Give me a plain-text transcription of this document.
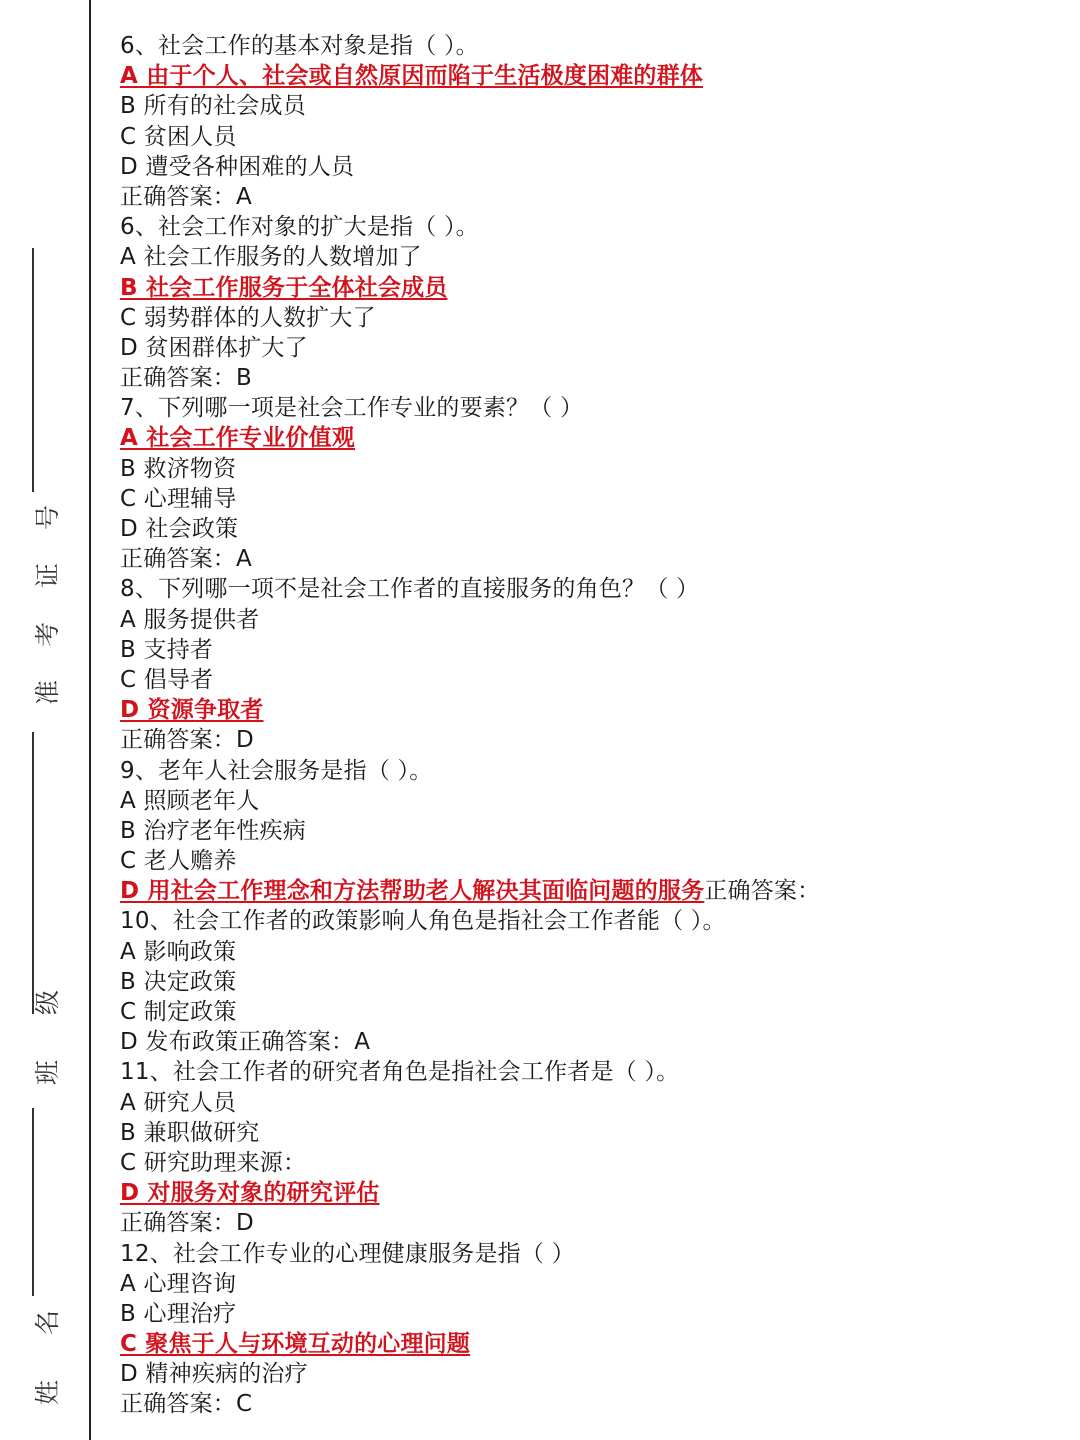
号
证
考
准
级
班
名
姓
6、社会工作的基本对象是指（ ）。
A 由于个人、社会或自然原因而陷于生活极度困难的群体
B 所有的社会成员
C 贫困人员
D 遭受各种困难的人员
正确答案：A
6、社会工作对象的扩大是指（ ）。
A 社会工作服务的人数增加了
B 社会工作服务于全体社会成员
C 弱势群体的人数扩大了
D 贫困群体扩大了
正确答案：B
7、下列哪一项是社会工作专业的要素？（ ）
A 社会工作专业价值观
B 救济物资
C 心理辅导
D 社会政策
正确答案：A
8、下列哪一项不是社会工作者的直接服务的角色？（ ）
A 服务提供者
B 支持者
C 倡导者
D 资源争取者
正确答案：D
9、老年人社会服务是指（ ）。
A 照顾老年人
B 治疗老年性疾病
C 老人赡养
D 用社会工作理念和方法帮助老人解决其面临问题的服务正确答案：
10、社会工作者的政策影响人角色是指社会工作者能（ ）。
A 影响政策
B 决定政策
C 制定政策
D 发布政策正确答案：A
11、社会工作者的研究者角色是指社会工作者是（ ）。
A 研究人员
B 兼职做研究
C 研究助理来源：
D 对服务对象的研究评估
正确答案：D
12、社会工作专业的心理健康服务是指（ ）
A 心理咨询
B 心理治疗
C 聚焦于人与环境互动的心理问题
D 精神疾病的治疗
正确答案：C
